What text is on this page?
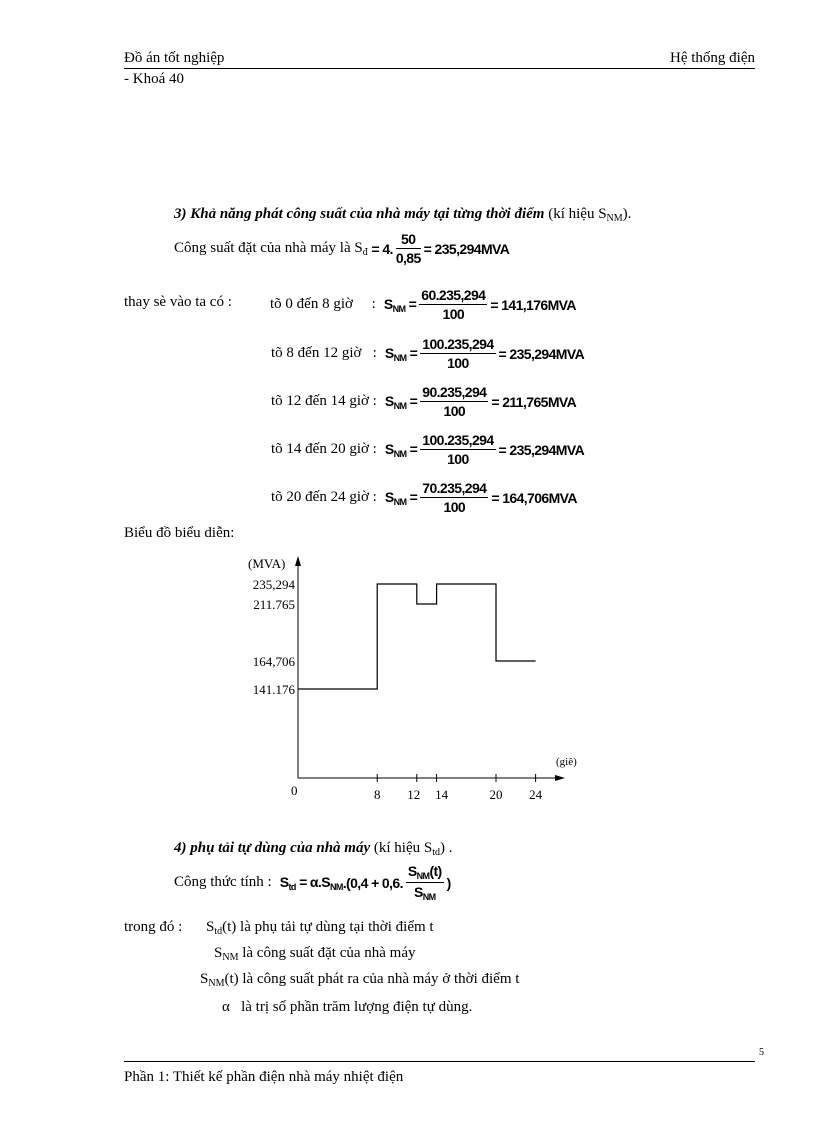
Đồ án tốt nghiệp	Hệ thống điện
- Khoá 40
3) Khả năng phát công suất của nhà máy tại từng thời điểm (kí hiệu $S_{NM}$).
Công suất đặt của nhà máy là $S_đ = 4$. $\frac{50}{0,85} = 235,294MVA$
thay sè vào ta có :	tõ 0 đến 8 giờ     : $S_{NM} = \frac{60.235,294}{100} = 141,176MVA$
tõ 8 đến 12 giờ   : $S_{NM} = \frac{100.235,294}{100} = 235,294MVA$
tõ 12 đến 14 giờ : $S_{NM} = \frac{90.235,294}{100} = 211,765MVA$
tõ 14 đến 20 giờ : $S_{NM} = \frac{100.235,294}{100} = 235,294MVA$
tõ 20 đến 24 giờ : $S_{NM} = \frac{70.235,294}{100} = 164,706MVA$
Biểu đồ biểu diễn:
(MVA)
(giê)
0
235,294
211.765
164,706
141.176
8 12 14	20 24
4) phụ tải tự dùng của nhà máy (kí hiệu $S_{td}$) .
Công thức tính :
$S_{td} = \alpha.S_{NM}$ .(0,4 + 0,6. $\frac{S_{NM}(t)}{S_{NM}}$ )
trong đó : $S_{td}(t)$ là phụ tải tự dùng tại thời điểm t
$S_{NM}$ là công suất đặt của nhà máy
$S_{NM}(t)$ là công suất phát ra của nhà máy ở thời điểm t
α   là trị số phần trăm lượng điện tự dùng.
5
Phần 1: Thiết kế phần điện nhà máy nhiệt điện
